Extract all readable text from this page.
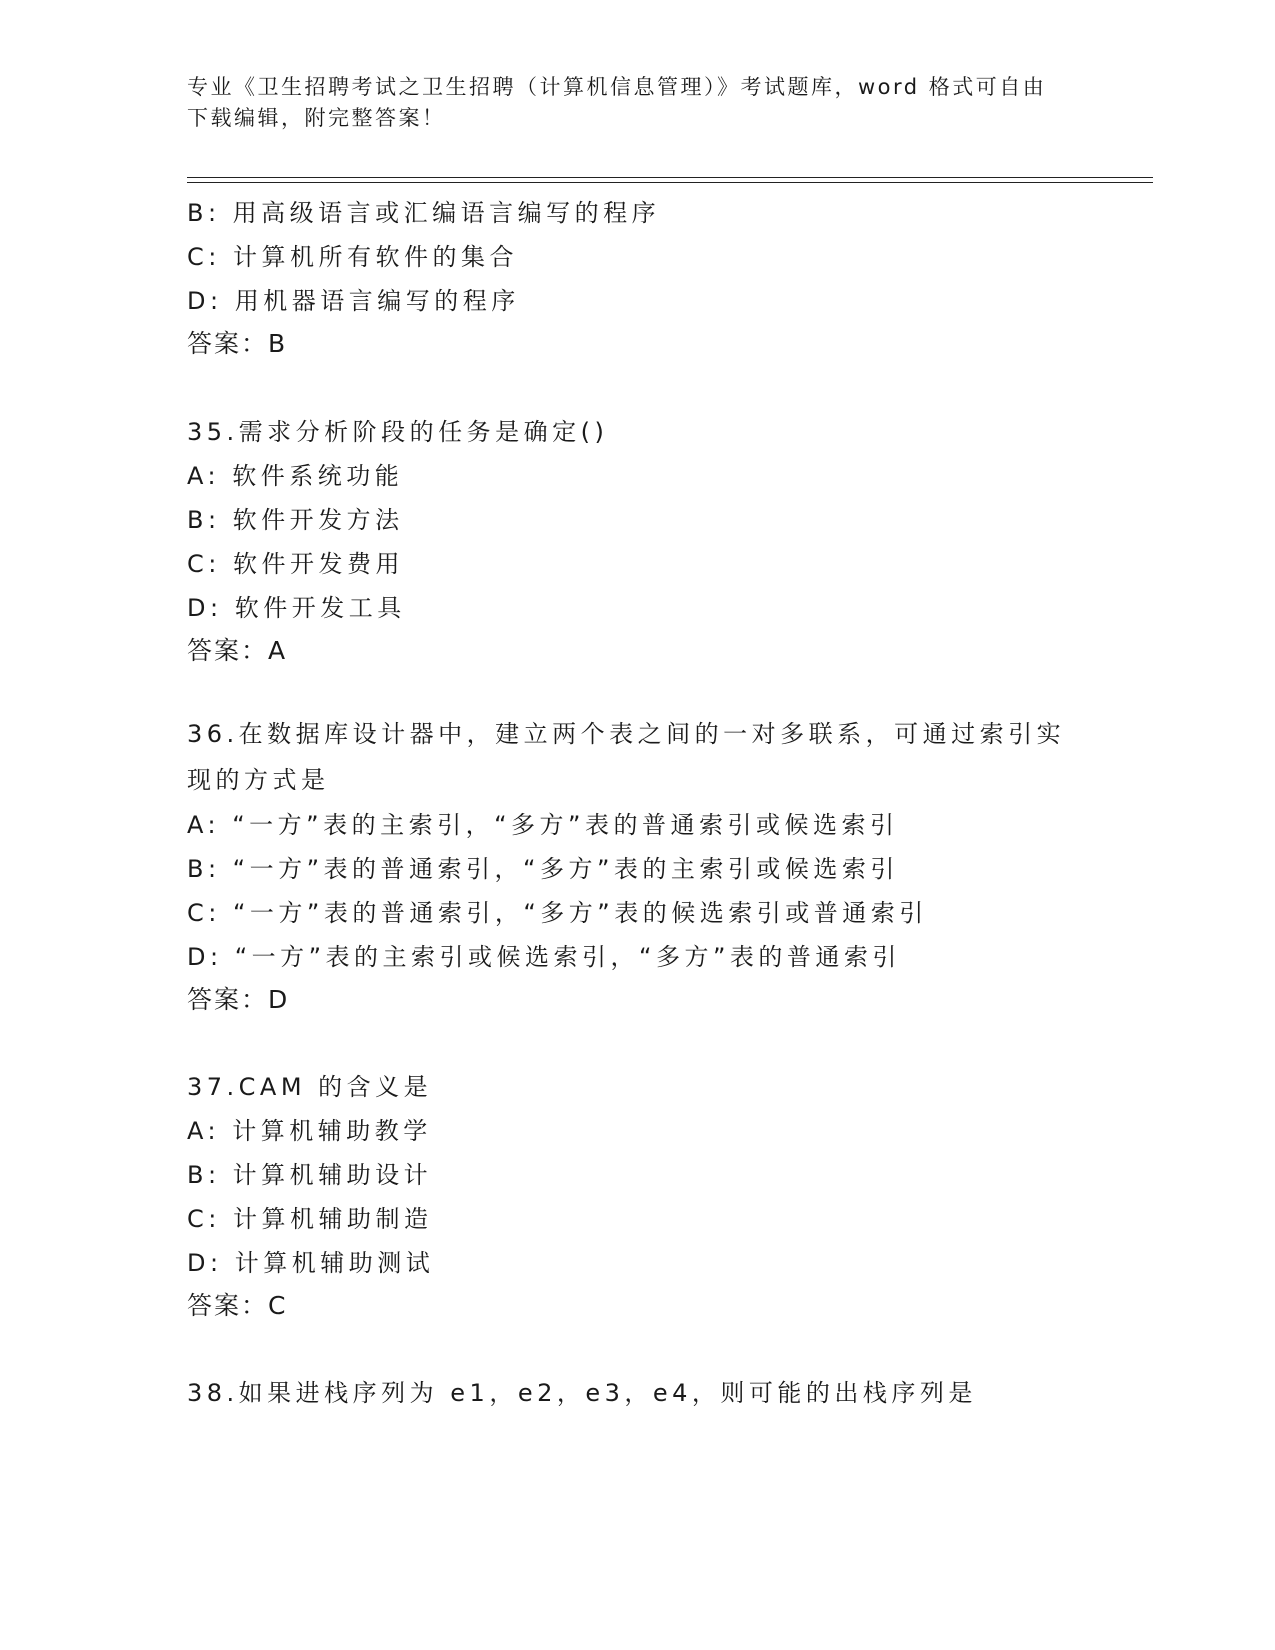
专业《卫生招聘考试之卫生招聘（计算机信息管理）》考试题库，word 格式可自由下载编辑，附完整答案！
B: 用高级语言或汇编语言编写的程序
C: 计算机所有软件的集合
D: 用机器语言编写的程序
答案：B
35.需求分析阶段的任务是确定()
A: 软件系统功能
B: 软件开发方法
C: 软件开发费用
D: 软件开发工具
答案：A
36.在数据库设计器中，建立两个表之间的一对多联系，可通过索引实现的方式是
A: “一方”表的主索引，“多方”表的普通索引或候选索引
B: “一方”表的普通索引，“多方”表的主索引或候选索引
C: “一方”表的普通索引，“多方”表的候选索引或普通索引
D: “一方”表的主索引或候选索引，“多方”表的普通索引
答案：D
37.CAM 的含义是
A: 计算机辅助教学
B: 计算机辅助设计
C: 计算机辅助制造
D: 计算机辅助测试
答案：C
38.如果进栈序列为 e1，e2，e3，e4，则可能的出栈序列是
